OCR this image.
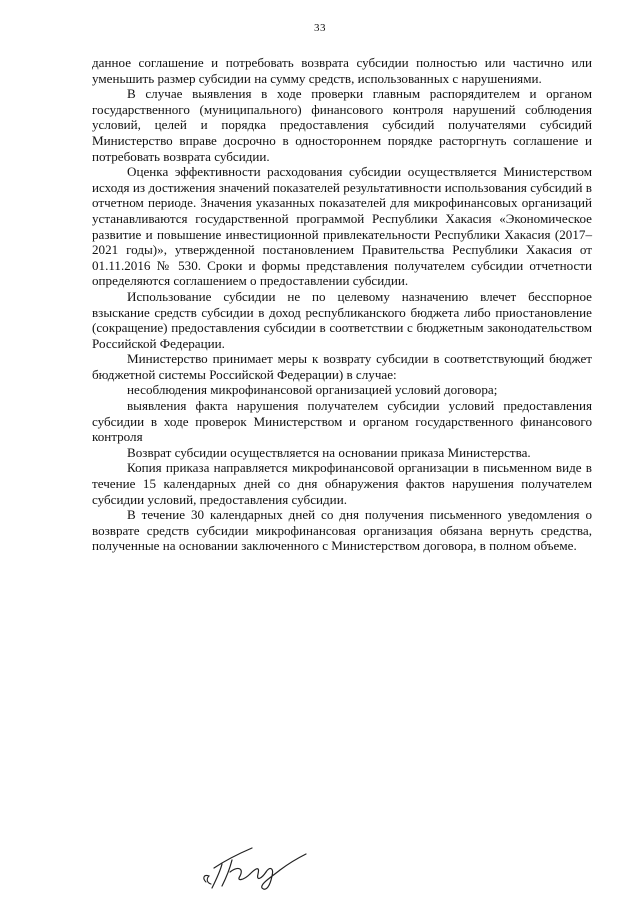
33

данное соглашение и потребовать возврата субсидии полностью или частично или уменьшить размер субсидии на сумму средств, использованных с нарушениями.

В случае выявления в ходе проверки главным распорядителем и органом государственного (муниципального) финансового контроля нарушений соблюдения условий, целей и порядка предоставления субсидий получателями субсидий Министерство вправе досрочно в одностороннем порядке расторгнуть соглашение и потребовать возврата субсидии.

Оценка эффективности расходования субсидии осуществляется Министерством исходя из достижения значений показателей результативности использования субсидий в отчетном периоде. Значения указанных показателей для микрофинансовых организаций устанавливаются государственной программой Республики Хакасия «Экономическое развитие и повышение инвестиционной привлекательности Республики Хакасия (2017–2021 годы)», утвержденной постановлением Правительства Республики Хакасия от 01.11.2016 № 530. Сроки и формы представления получателем субсидии отчетности определяются соглашением о предоставлении субсидии.

Использование субсидии не по целевому назначению влечет бесспорное взыскание средств субсидии в доход республиканского бюджета либо приостановление (сокращение) предоставления субсидии в соответствии с бюджетным законодательством Российской Федерации.

Министерство принимает меры к возврату субсидии в соответствующий бюджет бюджетной системы Российской Федерации) в случае:

несоблюдения микрофинансовой организацией условий договора;

выявления факта нарушения получателем субсидии условий предоставления субсидии в ходе проверок Министерством и органом государственного финансового контроля

Возврат субсидии осуществляется на основании приказа Министерства.

Копия приказа направляется микрофинансовой организации в письменном виде в течение 15 календарных дней со дня обнаружения фактов нарушения получателем субсидии условий, предоставления субсидии.

В течение 30 календарных дней со дня получения письменного уведомления о возврате средств субсидии микрофинансовая организация обязана вернуть средства, полученные на основании заключенного с Министерством договора, в полном объеме.
